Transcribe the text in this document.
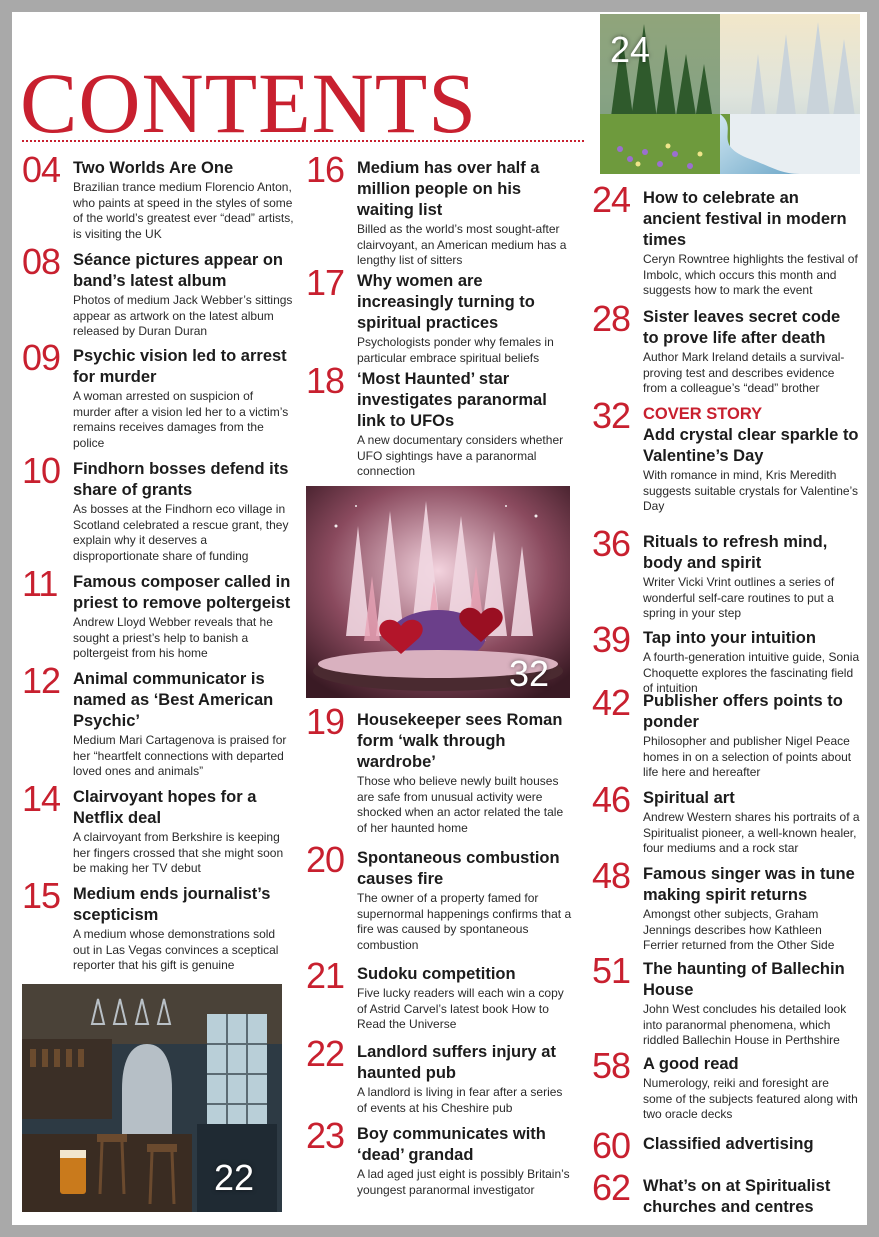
CONTENTS
24
32
22
04 Two Worlds Are One
Brazilian trance medium Florencio Anton, who paints at speed in the styles of some of the world’s greatest ever “dead” artists, is visiting the UK
08 Séance pictures appear on band’s latest album
Photos of medium Jack Webber’s sittings appear as artwork on the latest album released by Duran Duran
09 Psychic vision led to arrest for murder
A woman arrested on suspicion of murder after a vision led her to a victim’s remains receives damages from the police
10 Findhorn bosses defend its share of grants
As bosses at the Findhorn eco village in Scotland celebrated a rescue grant, they explain why it deserves a disproportionate share of funding
11 Famous composer called in priest to remove poltergeist
Andrew Lloyd Webber reveals that he sought a priest’s help to banish a poltergeist from his home
12 Animal communicator is named as ‘Best American Psychic’
Medium Mari Cartagenova is praised for her “heartfelt connections with departed loved ones and animals”
14 Clairvoyant hopes for a Netflix deal
A clairvoyant from Berkshire is keeping her fingers crossed that she might soon be making her TV debut
15 Medium ends journalist’s scepticism
A medium whose demonstrations sold out in Las Vegas convinces a sceptical reporter that his gift is genuine
16 Medium has over half a million people on his waiting list
Billed as the world’s most sought-after clairvoyant, an American medium has a lengthy list of sitters
17 Why women are increasingly turning to spiritual practices
Psychologists ponder why females in particular embrace spiritual beliefs
18 ‘Most Haunted’ star investigates paranormal link to UFOs
A new documentary considers whether UFO sightings have a paranormal connection
19 Housekeeper sees Roman form ‘walk through wardrobe’
Those who believe newly built houses are safe from unusual activity were shocked when an actor related the tale of her haunted home
20 Spontaneous combustion causes fire
The owner of a property famed for supernormal happenings confirms that a fire was caused by spontaneous combustion
21 Sudoku competition
Five lucky readers will each win a copy of Astrid Carvel’s latest book How to Read the Universe
22 Landlord suffers injury at haunted pub
A landlord is living in fear after a series of events at his Cheshire pub
23 Boy communicates with ‘dead’ grandad
A lad aged just eight is possibly Britain’s youngest paranormal investigator
24 How to celebrate an ancient festival in modern times
Ceryn Rowntree highlights the festival of Imbolc, which occurs this month and suggests how to mark the event
28 Sister leaves secret code to prove life after death
Author Mark Ireland details a survival-proving test and describes evidence from a colleague’s “dead” brother
32 COVER STORY
Add crystal clear sparkle to Valentine’s Day
With romance in mind, Kris Meredith suggests suitable crystals for Valentine’s Day
36 Rituals to refresh mind, body and spirit
Writer Vicki Vrint outlines a series of wonderful self-care routines to put a spring in your step
39 Tap into your intuition
A fourth-generation intuitive guide, Sonia Choquette explores the fascinating field of intuition
42 Publisher offers points to ponder
Philosopher and publisher Nigel Peace homes in on a selection of points about life here and hereafter
46 Spiritual art
Andrew Western shares his portraits of a Spiritualist pioneer, a well-known healer, four mediums and a rock star
48 Famous singer was in tune making spirit returns
Amongst other subjects, Graham Jennings describes how Kathleen Ferrier returned from the Other Side
51 The haunting of Ballechin House
John West concludes his detailed look into paranormal phenomena, which riddled Ballechin House in Perthshire
58 A good read
Numerology, reiki and foresight are some of the subjects featured along with two oracle decks
60 Classified advertising
62 What’s on at Spiritualist churches and centres
